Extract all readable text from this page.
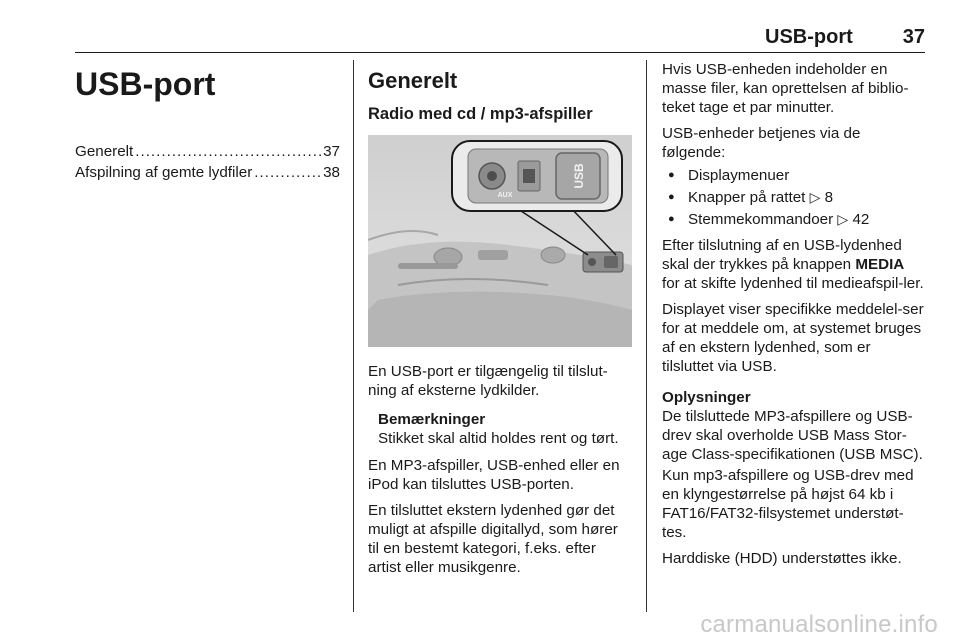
USB-port 37
USB-port
Generelt .....	37
Afspilning af gemte lydfiler .....	38
Generelt
Radio med cd / mp3-afspiller
USB
AUX

En USB-port er tilgængelig til tilslut-ning af eksterne lydkilder.

Bemærkninger
Stikket skal altid holdes rent og tørt.

En MP3-afspiller, USB-enhed eller en iPod kan tilsluttes USB-porten.

En tilsluttet ekstern lydenhed gør det muligt at afspille digitallyd, som hører til en bestemt kategori, f.eks. efter artist eller musikgenre.

Hvis USB-enheden indeholder en masse filer, kan oprettelsen af biblio-teket tage et par minutter.

USB-enheder betjenes via de følgende:

● Displaymenuer
● Knapper på rattet ▷ 8
● Stemmekommandoer ▷ 42

Efter tilslutning af en USB-lydenhed skal der trykkes på knappen MEDIA for at skifte lydenhed til medieafspil-ler.

Displayet viser specifikke meddelel-ser for at meddele om, at systemet bruges af en ekstern lydenhed, som er tilsluttet via USB.

Oplysninger

De tilsluttede MP3-afspillere og USB-drev skal overholde USB Mass Stor-age Class-specifikationen (USB MSC).

Kun mp3-afspillere og USB-drev med en klyngestørrelse på højst 64 kb i FAT16/FAT32-filsystemet understøt-tes.

Harddiske (HDD) understøttes ikke.

carmanualsonline.info
